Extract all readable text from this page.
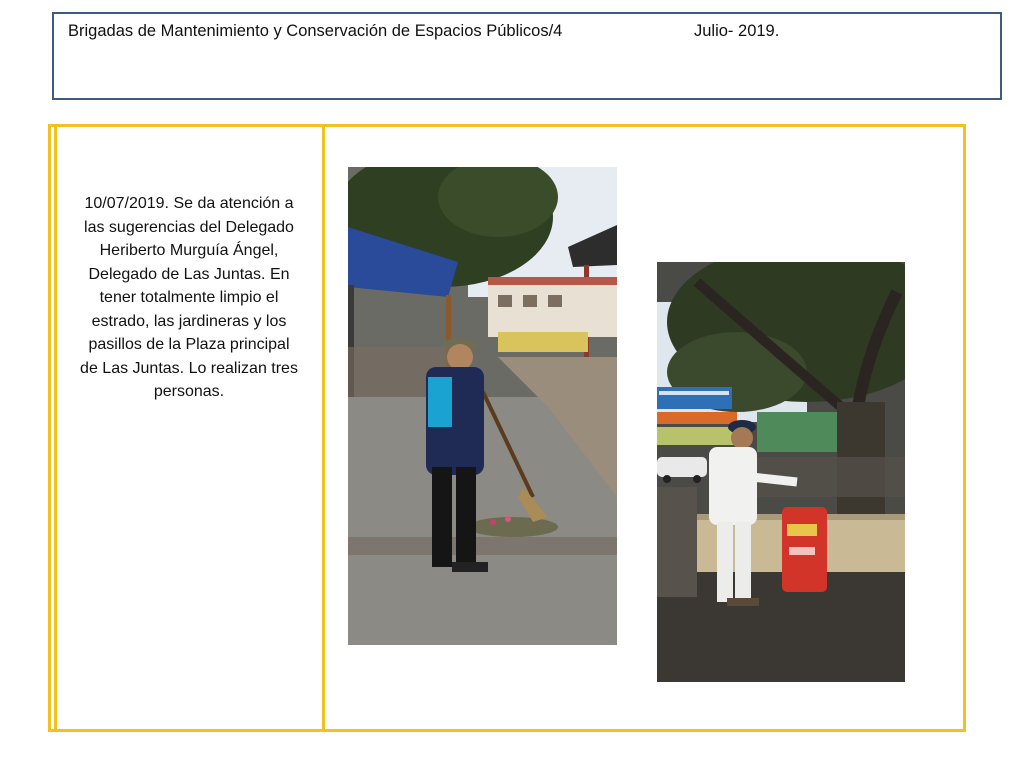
Brigadas de Mantenimiento y Conservación de Espacios Públicos/4	Julio- 2019.
10/07/2019. Se da atención a las sugerencias del Delegado Heriberto Murguía Ángel, Delegado de Las Juntas. En tener totalmente limpio el estrado, las jardineras y los pasillos de la Plaza principal de Las Juntas. Lo realizan tres personas.
